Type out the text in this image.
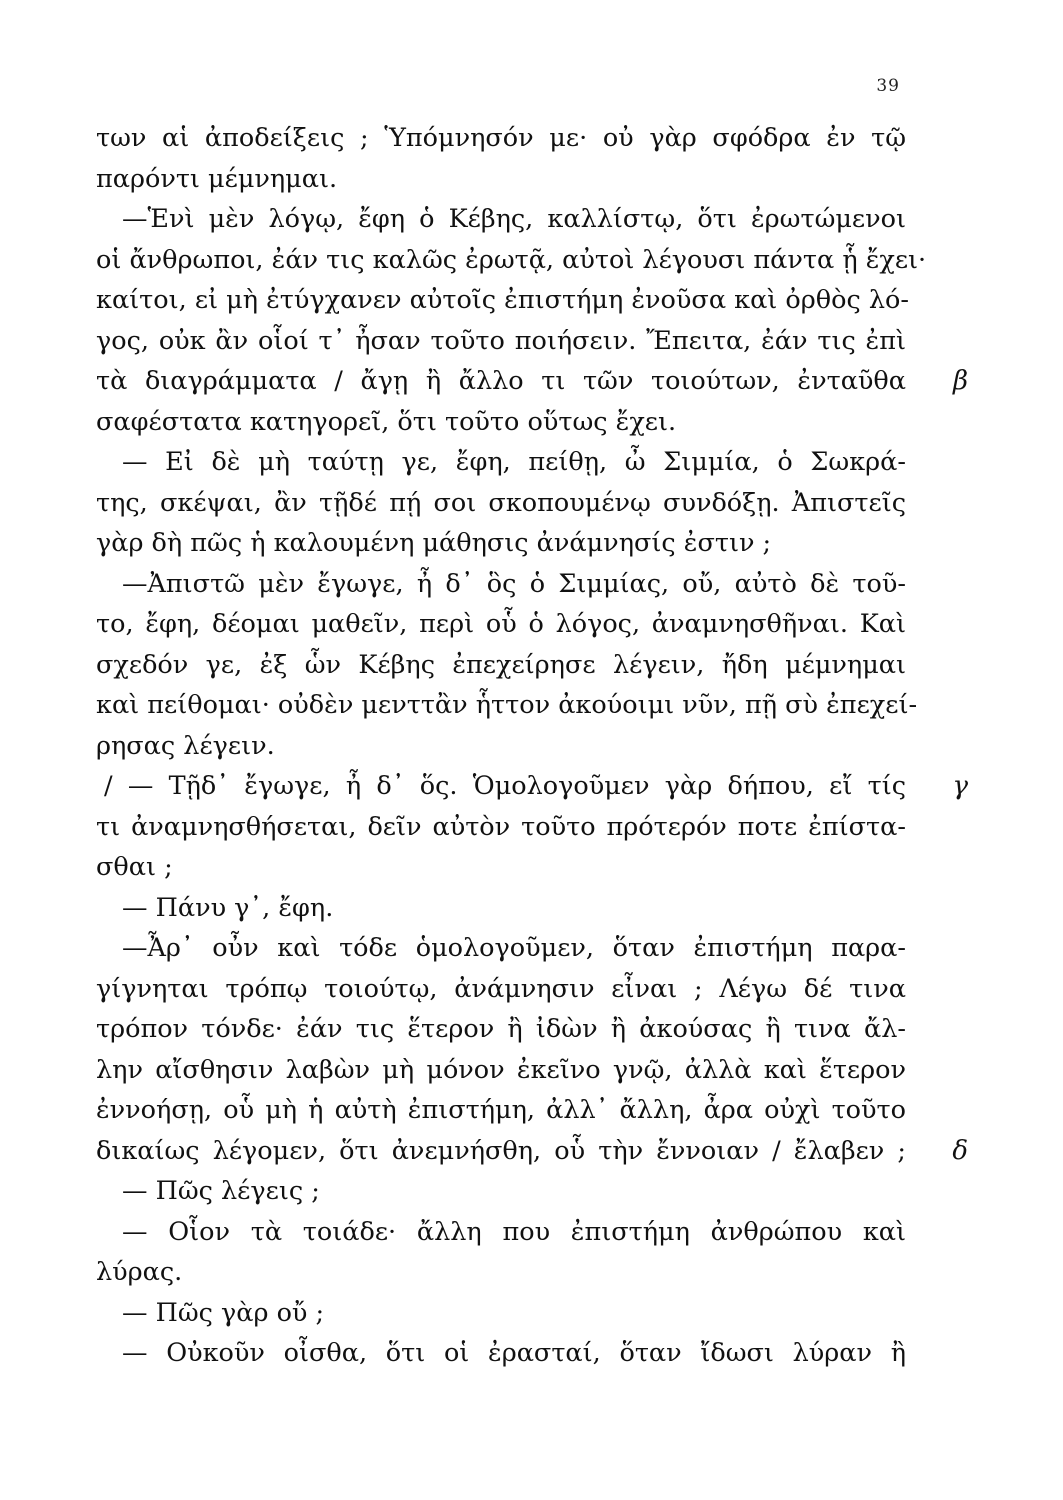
39
των αἱ ἀποδείξεις ; Ὑπόμνησόν με· οὐ γὰρ σφόδρα ἐν τῷ
παρόντι μέμνημαι.
—Ἑνὶ μὲν λόγῳ, ἔφη ὁ Κέβης, καλλίστῳ, ὅτι ἐρωτώμενοι
οἱ ἄνθρωποι, ἐάν τις καλῶς ἐρωτᾷ, αὐτοὶ λέγουσι πάντα ᾗ ἔχει·
καίτοι, εἰ μὴ ἐτύγχανεν αὐτοῖς ἐπιστήμη ἐνοῦσα καὶ ὀρθὸς λό-
γος, οὐκ ἂν οἷοί τ᾽ ἦσαν τοῦτο ποιήσειν. Ἔπειτα, ἐάν τις ἐπὶ
τὰ διαγράμματα / ἄγῃ ἢ ἄλλο τι τῶν τοιούτων, ἐνταῦθα β
σαφέστατα κατηγορεῖ, ὅτι τοῦτο οὕτως ἔχει.
— Εἰ δὲ μὴ ταύτῃ γε, ἔφη, πείθῃ, ὦ Σιμμία, ὁ Σωκρά-
της, σκέψαι, ἂν τῇδέ πῄ σοι σκοπουμένῳ συνδόξῃ. Ἀπιστεῖς
γὰρ δὴ πῶς ἡ καλουμένη μάθησις ἀνάμνησίς ἐστιν ;
—Ἀπιστῶ μὲν ἔγωγε, ἦ δ᾽ ὃς ὁ Σιμμίας, οὔ, αὐτὸ δὲ τοῦ-
το, ἔφη, δέομαι μαθεῖν, περὶ οὗ ὁ λόγος, ἀναμνησθῆναι. Καὶ
σχεδόν γε, ἐξ ὧν Κέβης ἐπεχείρησε λέγειν, ἤδη μέμνημαι
καὶ πείθομαι· οὐδὲν μενττἂν ἧττον ἀκούοιμι νῦν, πῇ σὺ ἐπεχεί-
ρησας λέγειν.
/ — Τῇδ᾽ ἔγωγε, ἦ δ᾽ ὅς. Ὁμολογοῦμεν γὰρ δήπου, εἴ τίς γ
τι ἀναμνησθήσεται, δεῖν αὐτὸν τοῦτο πρότερόν ποτε ἐπίστα-
σθαι ;
— Πάνυ γ᾽, ἔφη.
—Ἆρ᾽ οὖν καὶ τόδε ὁμολογοῦμεν, ὅταν ἐπιστήμη παρα-
γίγνηται τρόπῳ τοιούτῳ, ἀνάμνησιν εἶναι ; Λέγω δέ τινα
τρόπον τόνδε· ἐάν τις ἕτερον ἢ ἰδὼν ἢ ἀκούσας ἢ τινα ἄλ-
λην αἴσθησιν λαβὼν μὴ μόνον ἐκεῖνο γνῷ, ἀλλὰ καὶ ἕτερον
ἐννοήσῃ, οὗ μὴ ἡ αὐτὴ ἐπιστήμη, ἀλλ᾽ ἄλλη, ἆρα οὐχὶ τοῦτο
δικαίως λέγομεν, ὅτι ἀνεμνήσθη, οὗ τὴν ἔννοιαν / ἔλαβεν ; δ
— Πῶς λέγεις ;
— Οἷον τὰ τοιάδε· ἄλλη που ἐπιστήμη ἀνθρώπου καὶ
λύρας.
— Πῶς γὰρ οὔ ;
— Οὐκοῦν οἶσθα, ὅτι οἱ ἐρασταί, ὅταν ἴδωσι λύραν ἢ
